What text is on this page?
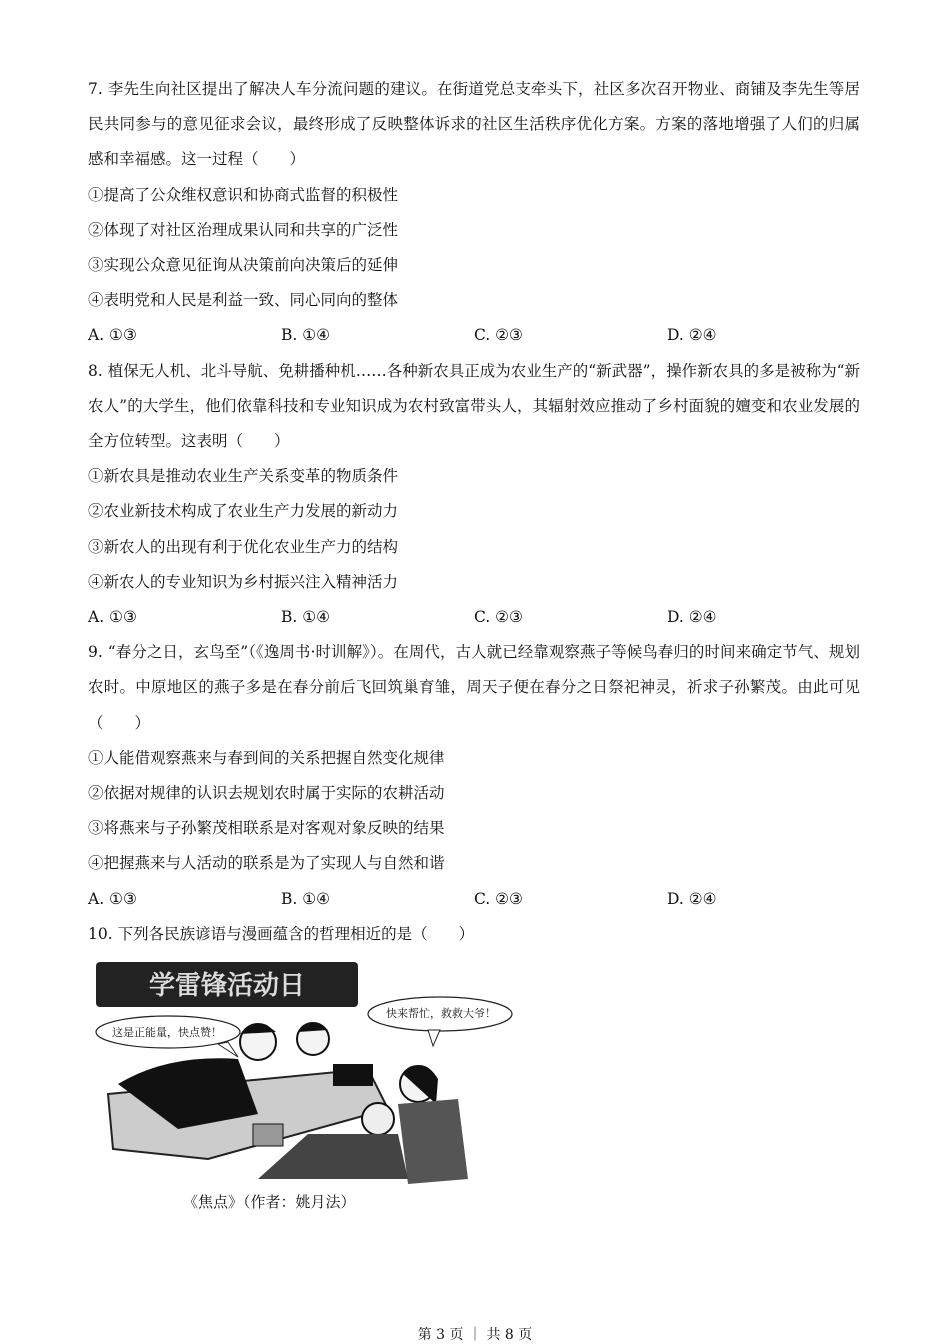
7. 李先生向社区提出了解决人车分流问题的建议。在街道党总支牵头下，社区多次召开物业、商铺及李先生等居民共同参与的意见征求会议，最终形成了反映整体诉求的社区生活秩序优化方案。方案的落地增强了人们的归属感和幸福感。这一过程（　　）

①提高了公众维权意识和协商式监督的积极性

②体现了对社区治理成果认同和共享的广泛性

③实现公众意见征询从决策前向决策后的延伸

④表明党和人民是利益一致、同心同向的整体

A. ①③	B. ①④	C. ②③	D. ②④

8. 植保无人机、北斗导航、免耕播种机……各种新农具正成为农业生产的“新武器”，操作新农具的多是被称为“新农人”的大学生，他们依靠科技和专业知识成为农村致富带头人，其辐射效应推动了乡村面貌的嬗变和农业发展的全方位转型。这表明（　　）

①新农具是推动农业生产关系变革的物质条件

②农业新技术构成了农业生产力发展的新动力

③新农人的出现有利于优化农业生产力的结构

④新农人的专业知识为乡村振兴注入精神活力

A. ①③	B. ①④	C. ②③	D. ②④

9. “春分之日，玄鸟至”（《逸周书·时训解》）。在周代，古人就已经靠观察燕子等候鸟春归的时间来确定节气、规划农时。中原地区的燕子多是在春分前后飞回筑巢育雏，周天子便在春分之日祭祀神灵，祈求子孙繁茂。由此可见（　　）

①人能借观察燕来与春到间的关系把握自然变化规律

②依据对规律的认识去规划农时属于实际的农耕活动

③将燕来与子孙繁茂相联系是对客观对象反映的结果

④把握燕来与人活动的联系是为了实现人与自然和谐

A. ①③	B. ①④	C. ②③	D. ②④

10. 下列各民族谚语与漫画蕴含的哲理相近的是（　　）

学雷锋活动日
这是正能量，快点赞！
快来帮忙，救救大爷！
《焦点》（作者：姚月法）
第 3 页 ｜ 共 8 页
